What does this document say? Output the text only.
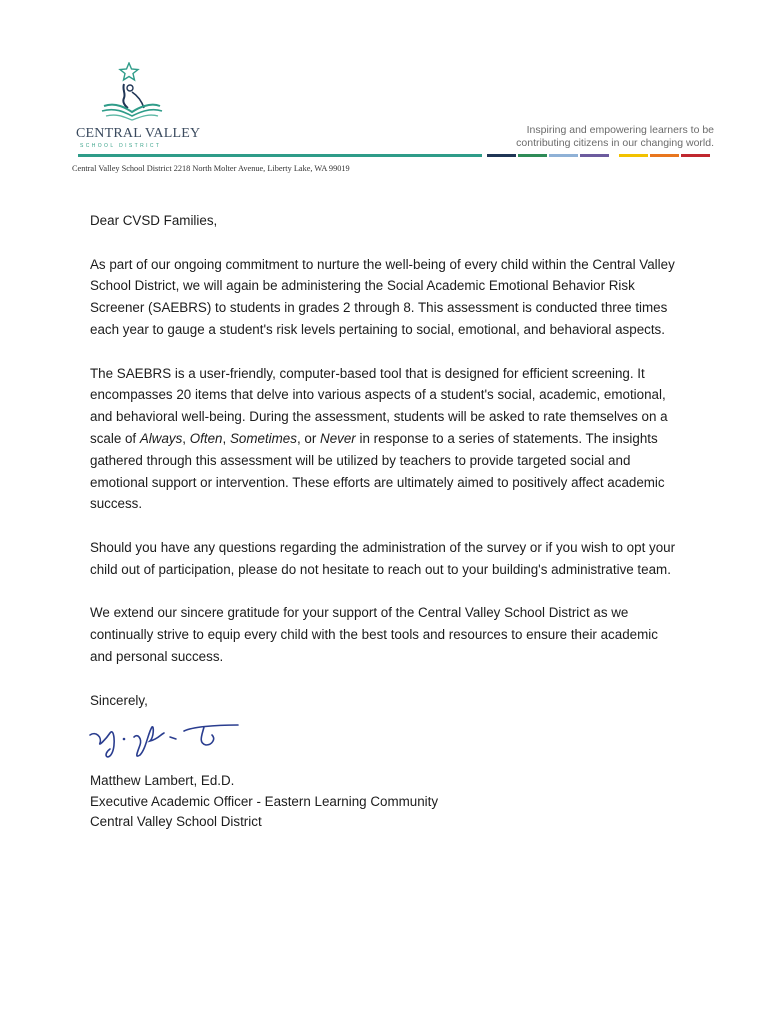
CENTRAL VALLEY
SCHOOL DISTRICT
Inspiring and empowering learners to be
contributing citizens in our changing world.
Central Valley School District 2218 North Molter Avenue, Liberty Lake, WA 99019

Dear CVSD Families,

As part of our ongoing commitment to nurture the well-being of every child within the Central Valley School District, we will again be administering the Social Academic Emotional Behavior Risk Screener (SAEBRS) to students in grades 2 through 8. This assessment is conducted three times each year to gauge a student's risk levels pertaining to social, emotional, and behavioral aspects.

The SAEBRS is a user-friendly, computer-based tool that is designed for efficient screening. It encompasses 20 items that delve into various aspects of a student's social, academic, emotional, and behavioral well-being. During the assessment, students will be asked to rate themselves on a scale of Always, Often, Sometimes, or Never in response to a series of statements. The insights gathered through this assessment will be utilized by teachers to provide targeted social and emotional support or intervention. These efforts are ultimately aimed to positively affect academic success.

Should you have any questions regarding the administration of the survey or if you wish to opt your child out of participation, please do not hesitate to reach out to your building's administrative team.

We extend our sincere gratitude for your support of the Central Valley School District as we continually strive to equip every child with the best tools and resources to ensure their academic and personal success.

Sincerely,

Matthew Lambert, Ed.D.
Executive Academic Officer - Eastern Learning Community
Central Valley School District
